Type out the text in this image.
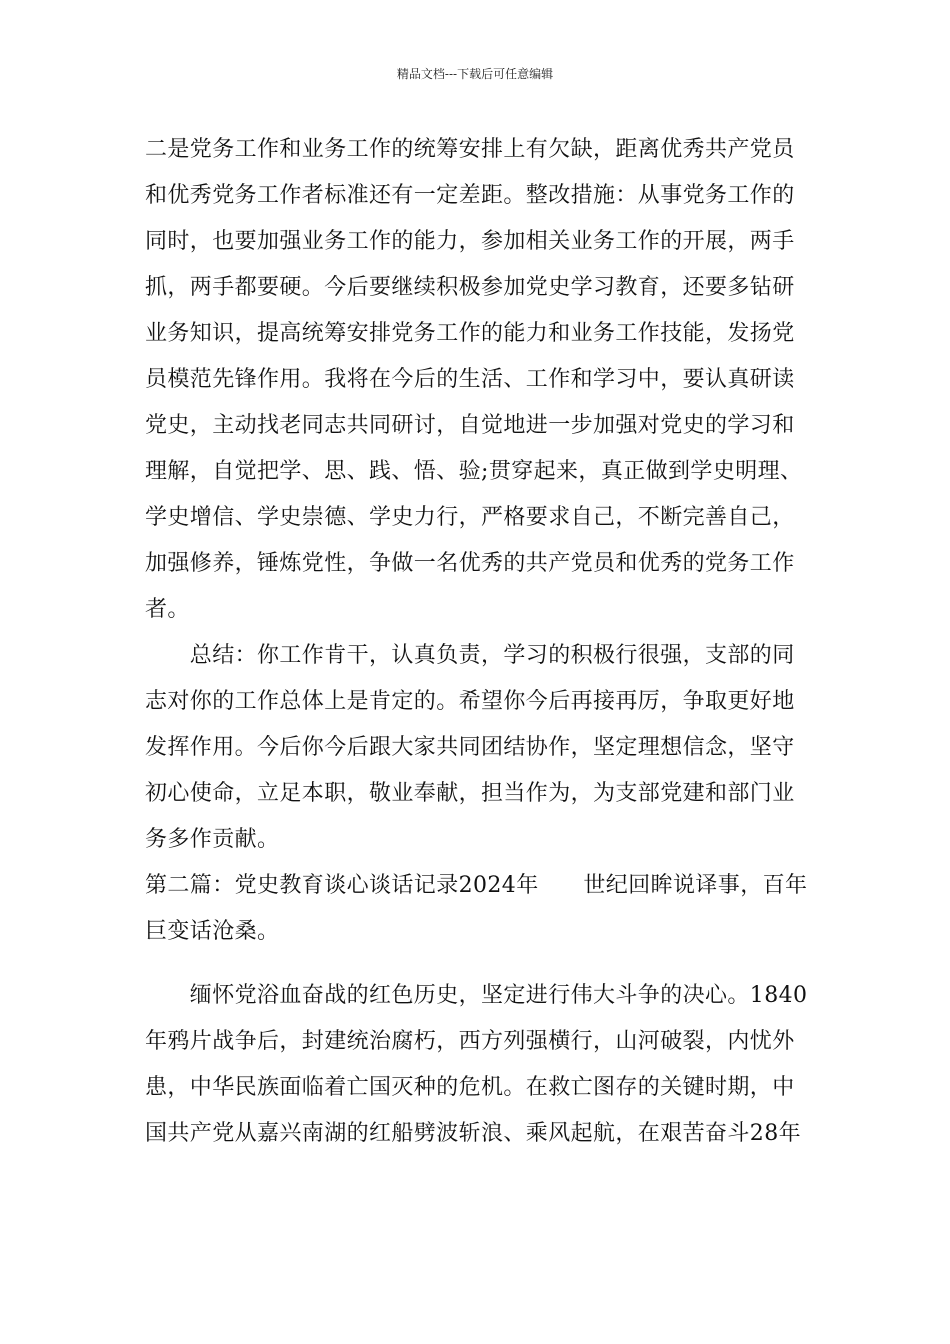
精品文档---下载后可任意编辑
二是党务工作和业务工作的统筹安排上有欠缺，距离优秀共产党员
和优秀党务工作者标准还有一定差距。整改措施：从事党务工作的
同时，也要加强业务工作的能力，参加相关业务工作的开展，两手
抓，两手都要硬。今后要继续积极参加党史学习教育，还要多钻研
业务知识，提高统筹安排党务工作的能力和业务工作技能，发扬党
员模范先锋作用。我将在今后的生活、工作和学习中，要认真研读
党史，主动找老同志共同研讨，自觉地进一步加强对党史的学习和
理解，自觉把学、思、践、悟、验;贯穿起来，真正做到学史明理、
学史增信、学史崇德、学史力行，严格要求自己，不断完善自己，
加强修养，锤炼党性，争做一名优秀的共产党员和优秀的党务工作
者。
　　总结：你工作肯干，认真负责，学习的积极行很强，支部的同
志对你的工作总体上是肯定的。希望你今后再接再厉，争取更好地
发挥作用。今后你今后跟大家共同团结协作，坚定理想信念，坚守
初心使命，立足本职，敬业奉献，担当作为，为支部党建和部门业
务多作贡献。
第二篇：党史教育谈心谈话记录2024年　　世纪回眸说译事，百年
巨变话沧桑。
　　缅怀党浴血奋战的红色历史，坚定进行伟大斗争的决心。1840
年鸦片战争后，封建统治腐朽，西方列强横行，山河破裂，内忧外
患，中华民族面临着亡国灭种的危机。在救亡图存的关键时期，中
国共产党从嘉兴南湖的红船劈波斩浪、乘风起航，在艰苦奋斗28年
